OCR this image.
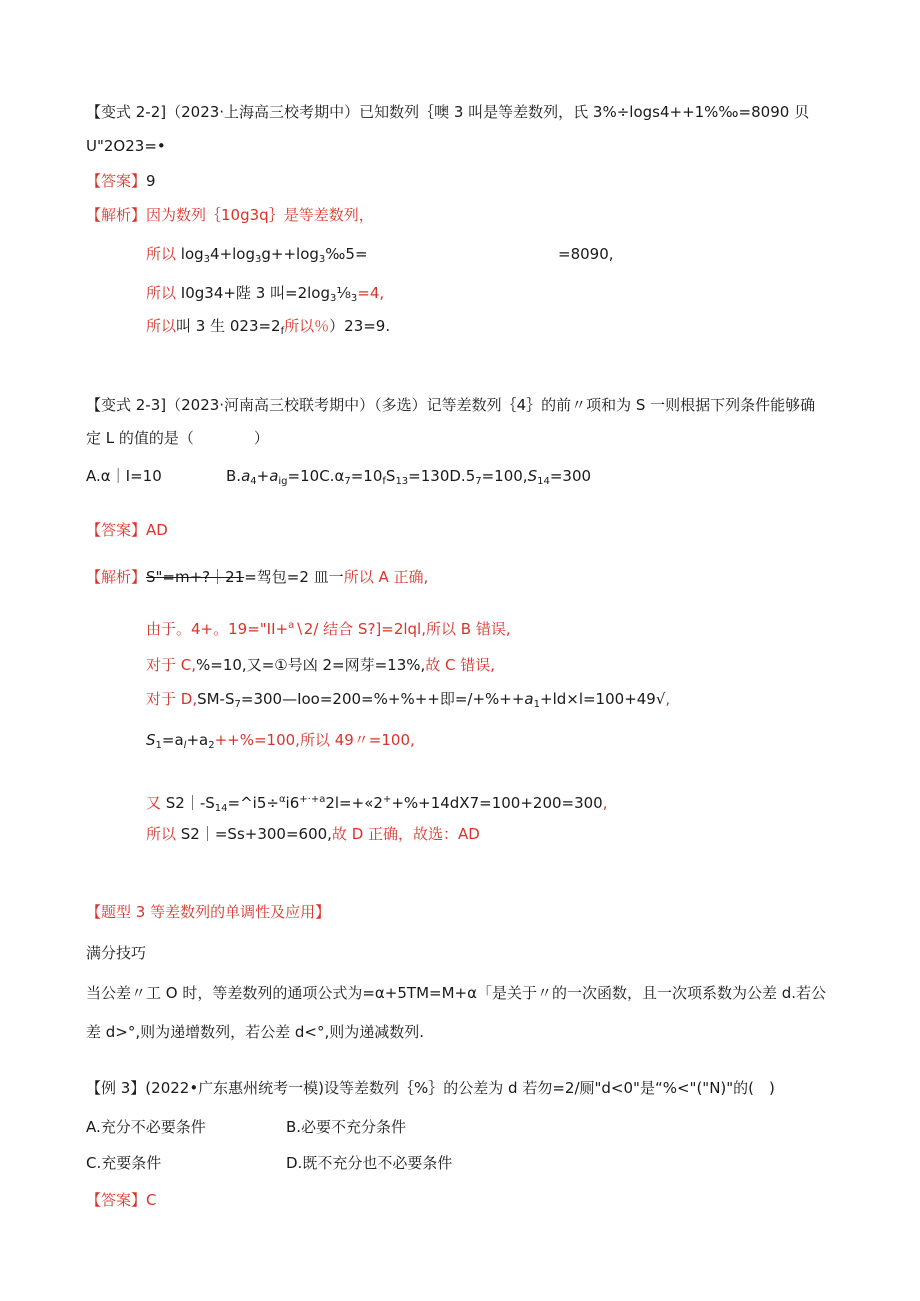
【变式 2-2]（2023·上海高三校考期中）已知数列｛噢 3 叫是等差数列，氏 3%÷logs4++1%‰=8090 贝
U"2O23=•
【答案】9
【解析】因为数列｛10g3q｝是等差数列，
所以 $\log_34+\log_3g++\log_3‰5=$	=8090,
所以 I0g34+陛 3 叫$=2\log_3\frac{1}{8}_3=4$,
所以叫 3 生 $023=2_f$所以％）23=9.
【变式 2-3]（2023·河南高三校联考期中）（多选）记等差数列｛4｝的前〃项和为 S 一则根据下列条件能够确
定 L 的值的是（　　　　）
A.α｜I=10	$B.a_4+a_{ig}=10C.\alpha_7=10_fS_{13}=130D.5_7=100,S_{14}=300$
【答案】AD
【解析】S"=m+?｜21=驾包=2 皿一所以 A 正确,
由于。4+。19="II+$^a$∖2/ 结合 S?]=2lql,所以 B 错误,
对于 C,%=10,又=①号凶 2=网芽=13%,故 C 错误,
对于 $D,SM-S_7=300—Ioo=200=\%+\%++$即$=/+\%++a_1+ld\times l=100+49√$,
$S_1=a_l+a_2++\%=100$,所以 49〃=100,
又 $S2|-S_{14}=\^{}i5\div^\alpha i6^{+\cdot+a}2l=+«2^++\%+14dX7=100+200=300$,
所以 S2｜=Ss+300=600,故 D 正确，故选：AD
【题型 3 等差数列的单调性及应用】
满分技巧
当公差〃工 O 时，等差数列的通项公式为=α+5TM=M+α「是关于〃的一次函数，且一次项系数为公差 d.若公
差 d>°,则为递增数列，若公差 d<°,则为递减数列.
【例 3】(2022•广东惠州统考一模)设等差数列｛%｝的公差为 d 若勿=2/厕"d<0"是“%<"("N)"的(　)
A.充分不必要条件	B.必要不充分条件
C.充要条件	D.既不充分也不必要条件
【答案】C
